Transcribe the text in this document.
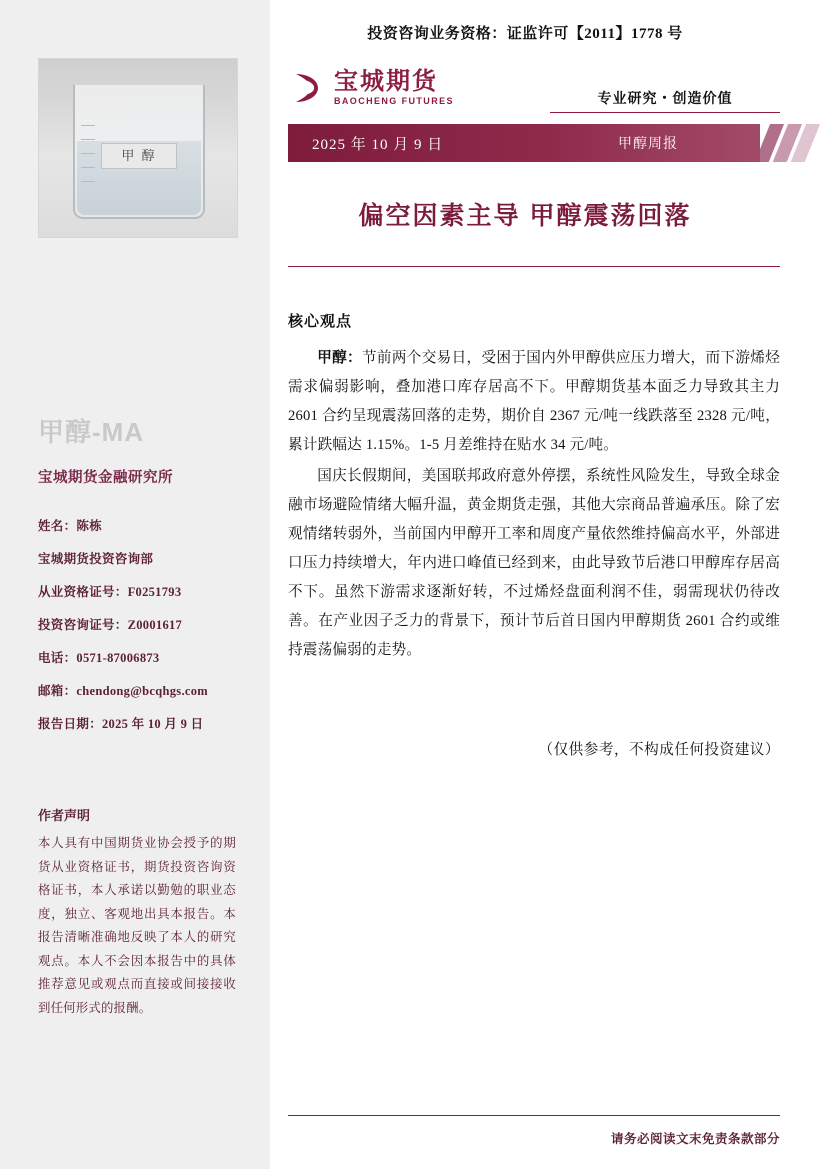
甲 醇
甲醇-MA
宝城期货金融研究所
姓名：陈栋
宝城期货投资咨询部
从业资格证号：F0251793
投资咨询证号：Z0001617
电话：0571-87006873
邮箱：chendong@bcqhgs.com
报告日期：2025 年 10 月 9 日
作者声明
本人具有中国期货业协会授予的期货从业资格证书，期货投资咨询资格证书，本人承诺以勤勉的职业态度，独立、客观地出具本报告。本报告清晰准确地反映了本人的研究观点。本人不会因本报告中的具体推荐意见或观点而直接或间接接收到任何形式的报酬。
投资咨询业务资格：证监许可【2011】1778 号
宝城期货
BAOCHENG FUTURES	专业研究・创造价值
2025 年 10 月 9 日	甲醇周报
偏空因素主导 甲醇震荡回落
核心观点

甲醇：节前两个交易日，受困于国内外甲醇供应压力增大，而下游烯烃需求偏弱影响，叠加港口库存居高不下。甲醇期货基本面乏力导致其主力 2601 合约呈现震荡回落的走势，期价自 2367 元/吨一线跌落至 2328 元/吨，累计跌幅达 1.15%。1-5 月差维持在贴水 34 元/吨。

国庆长假期间，美国联邦政府意外停摆，系统性风险发生，导致全球金融市场避险情绪大幅升温，黄金期货走强，其他大宗商品普遍承压。除了宏观情绪转弱外，当前国内甲醇开工率和周度产量依然维持偏高水平，外部进口压力持续增大，年内进口峰值已经到来，由此导致节后港口甲醇库存居高不下。虽然下游需求逐渐好转，不过烯烃盘面利润不佳，弱需现状仍待改善。在产业因子乏力的背景下，预计节后首日国内甲醇期货 2601 合约或维持震荡偏弱的走势。

（仅供参考，不构成任何投资建议）
请务必阅读文末免责条款部分
